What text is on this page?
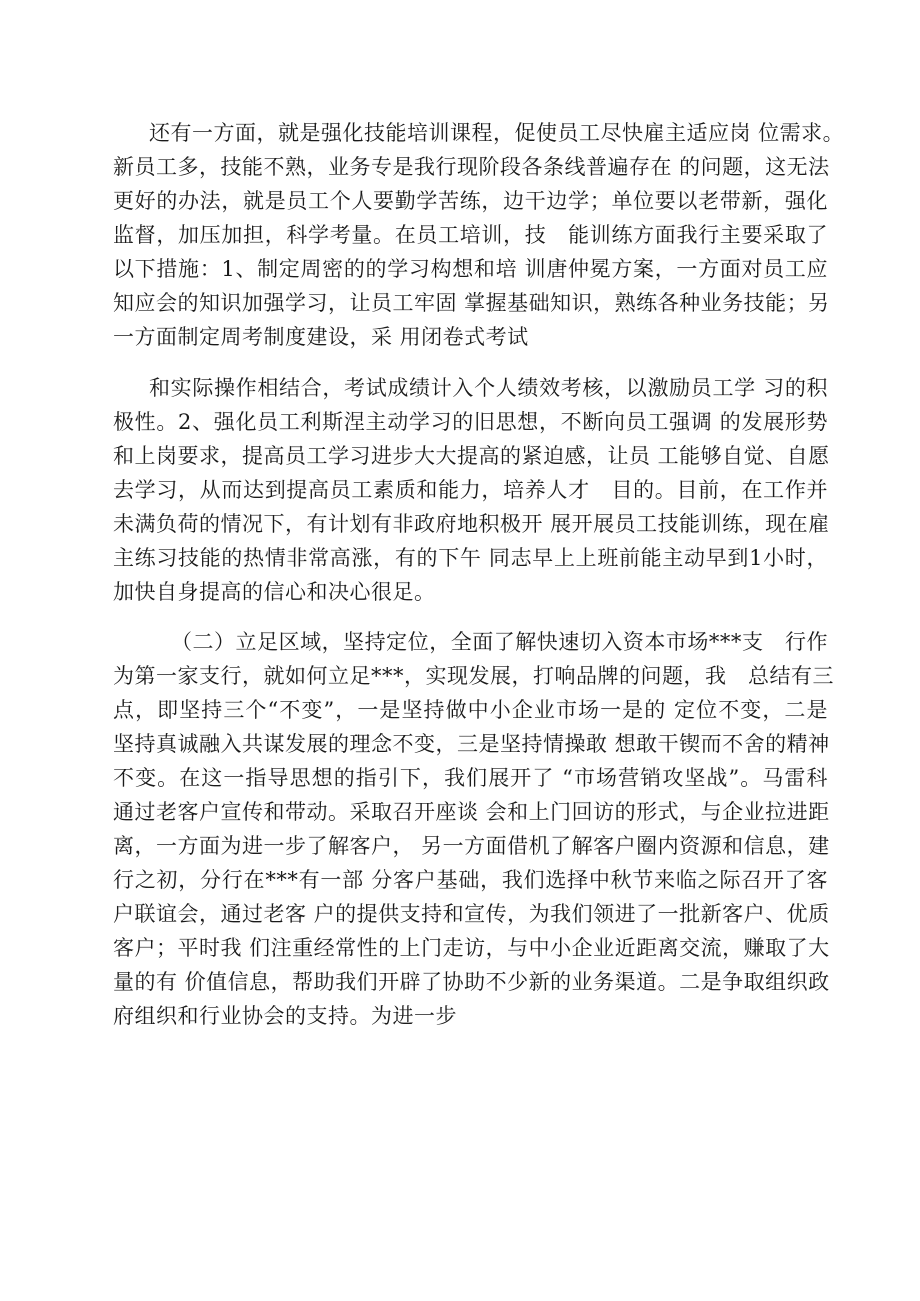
还有一方面，就是强化技能培训课程，促使员工尽快雇主适应岗 位需求。
新员工多，技能不熟，业务专是我行现阶段各条线普遍存在 的问题，这无法
更好的办法，就是员工个人要勤学苦练，边干边学；单位要以老带新，强化
监督，加压加担，科学考量。在员工培训，技　能训练方面我行主要采取了
以下措施：1、制定周密的的学习构想和培 训唐仲冕方案，一方面对员工应
知应会的知识加强学习，让员工牢固 掌握基础知识，熟练各种业务技能；另
一方面制定周考制度建设，采 用闭卷式考试
和实际操作相结合，考试成绩计入个人绩效考核，以激励员工学 习的积
极性。2、强化员工利斯涅主动学习的旧思想，不断向员工强调 的发展形势
和上岗要求，提高员工学习进步大大提高的紧迫感，让员 工能够自觉、自愿
去学习，从而达到提高员工素质和能力，培养人才　目的。目前，在工作并
未满负荷的情况下，有计划有非政府地积极开 展开展员工技能训练，现在雇
主练习技能的热情非常高涨，有的下午 同志早上上班前能主动早到1小时，
加快自身提高的信心和决心很足。
（二）立足区域，坚持定位，全面了解快速切入资本市场***支　行作
为第一家支行，就如何立足***，实现发展，打响品牌的问题，我　总结有三
点，即坚持三个“不变”，一是坚持做中小企业市场一是的 定位不变，二是
坚持真诚融入共谋发展的理念不变，三是坚持情操敢 想敢干锲而不舍的精神
不变。在这一指导思想的指引下，我们展开了 “市场营销攻坚战”。马雷科
通过老客户宣传和带动。采取召开座谈 会和上门回访的形式，与企业拉进距
离，一方面为进一步了解客户， 另一方面借机了解客户圈内资源和信息，建
行之初，分行在***有一部 分客户基础，我们选择中秋节来临之际召开了客
户联谊会，通过老客 户的提供支持和宣传，为我们领进了一批新客户、优质
客户；平时我 们注重经常性的上门走访，与中小企业近距离交流，赚取了大
量的有 价值信息，帮助我们开辟了协助不少新的业务渠道。二是争取组织政
府组织和行业协会的支持。为进一步
